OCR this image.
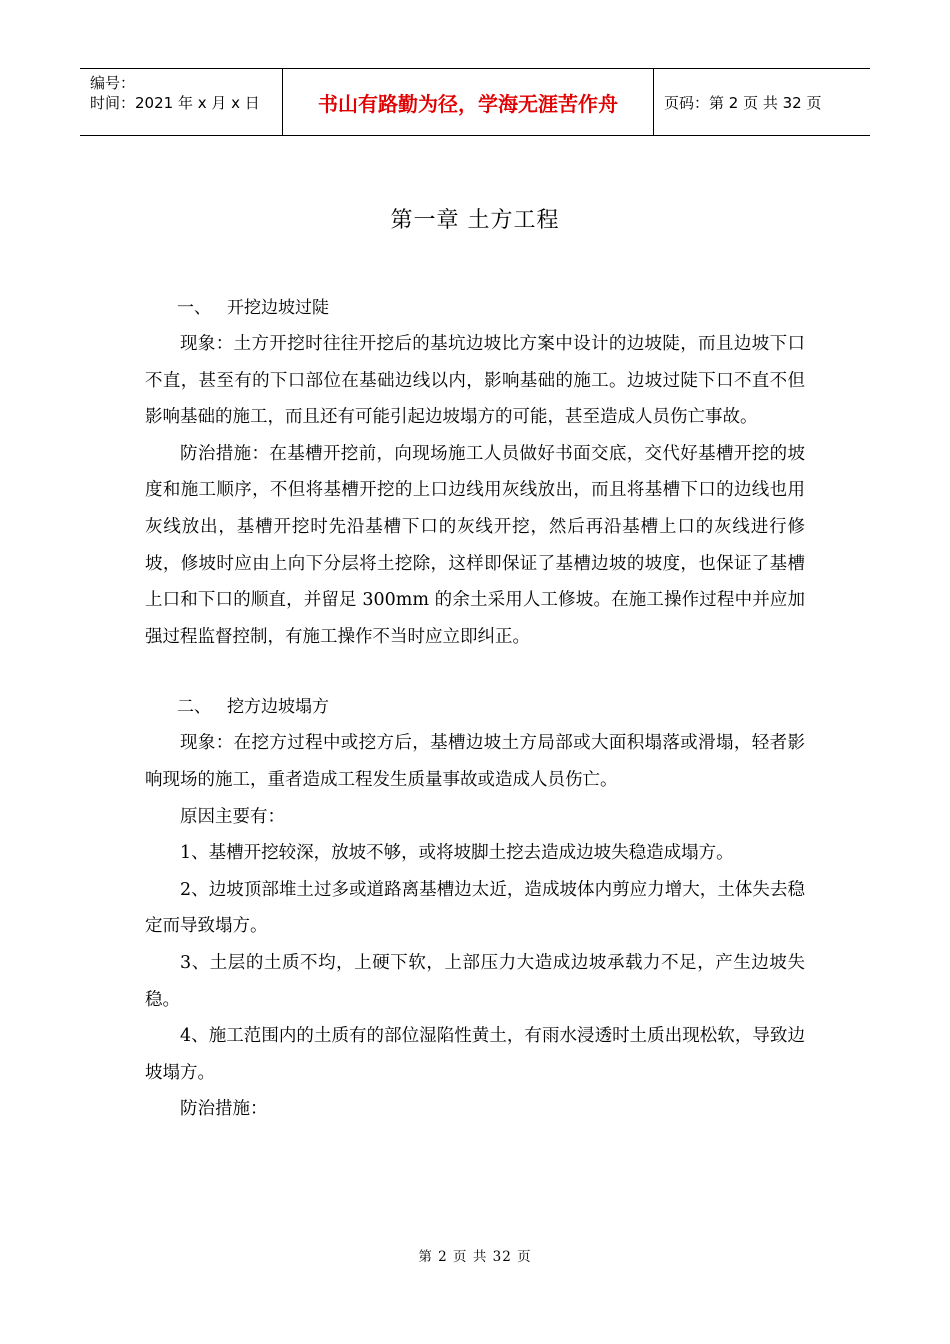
编号：
时间：2021 年 x 月 x 日	书山有路勤为径，学海无涯苦作舟	页码：第 2 页 共 32 页
第一章 土方工程
一、 开挖边坡过陡

现象：土方开挖时往往开挖后的基坑边坡比方案中设计的边坡陡，而且边坡下口不直，甚至有的下口部位在基础边线以内，影响基础的施工。边坡过陡下口不直不但影响基础的施工，而且还有可能引起边坡塌方的可能，甚至造成人员伤亡事故。

防治措施：在基槽开挖前，向现场施工人员做好书面交底，交代好基槽开挖的坡度和施工顺序，不但将基槽开挖的上口边线用灰线放出，而且将基槽下口的边线也用灰线放出，基槽开挖时先沿基槽下口的灰线开挖，然后再沿基槽上口的灰线进行修坡，修坡时应由上向下分层将土挖除，这样即保证了基槽边坡的坡度，也保证了基槽上口和下口的顺直，并留足 300mm 的余土采用人工修坡。在施工操作过程中并应加强过程监督控制，有施工操作不当时应立即纠正。

二、 挖方边坡塌方

现象：在挖方过程中或挖方后，基槽边坡土方局部或大面积塌落或滑塌，轻者影响现场的施工，重者造成工程发生质量事故或造成人员伤亡。

原因主要有：

1、基槽开挖较深，放坡不够，或将坡脚土挖去造成边坡失稳造成塌方。

2、边坡顶部堆土过多或道路离基槽边太近，造成坡体内剪应力增大，土体失去稳定而导致塌方。

3、土层的土质不均，上硬下软，上部压力大造成边坡承载力不足，产生边坡失稳。

4、施工范围内的土质有的部位湿陷性黄土，有雨水浸透时土质出现松软，导致边坡塌方。

防治措施：

第 2 页 共 32 页
